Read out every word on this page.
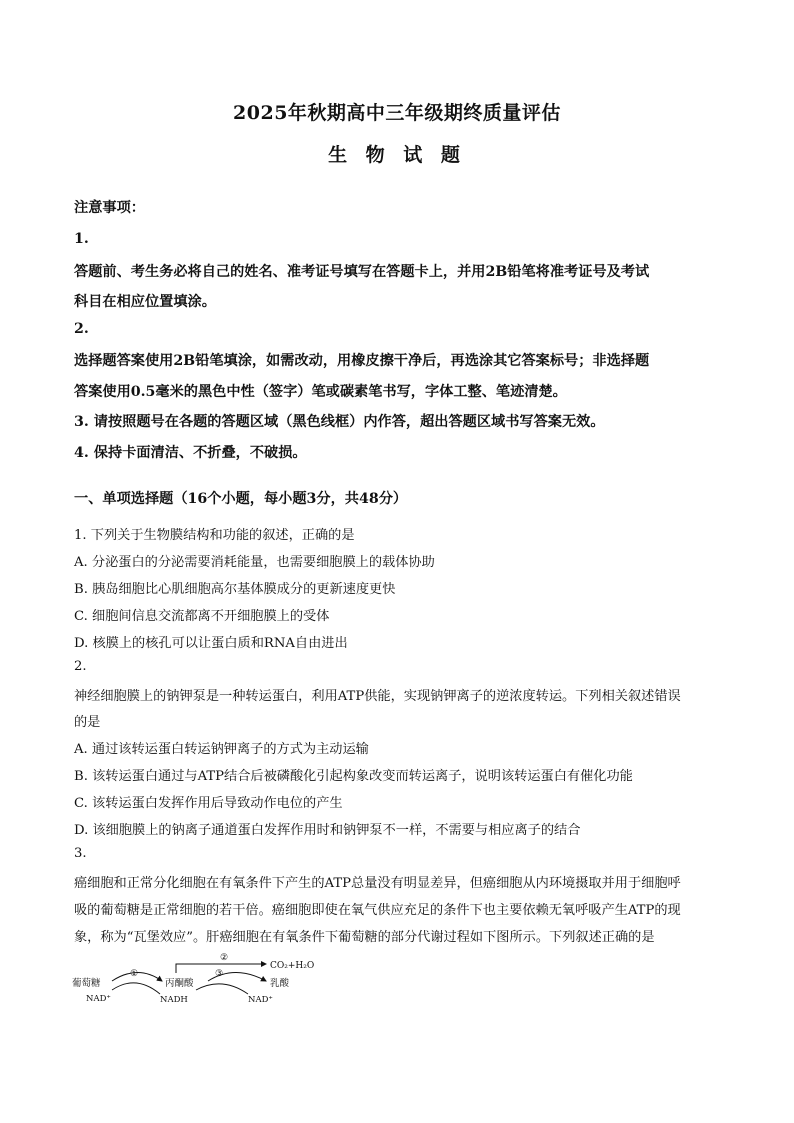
2025年秋期高中三年级期终质量评估
生 物 试 题
注意事项：
1.
答题前、考生务必将自己的姓名、准考证号填写在答题卡上，并用2B铅笔将准考证号及考试
科目在相应位置填涂。
2.
选择题答案使用2B铅笔填涂，如需改动，用橡皮擦干净后，再选涂其它答案标号；非选择题
答案使用0.5毫米的黑色中性（签字）笔或碳素笔书写，字体工整、笔迹清楚。
3. 请按照题号在各题的答题区域（黑色线框）内作答，超出答题区域书写答案无效。
4. 保持卡面清洁、不折叠，不破损。
一、单项选择题（16个小题，每小题3分，共48分）
1. 下列关于生物膜结构和功能的叙述，正确的是
A. 分泌蛋白的分泌需要消耗能量，也需要细胞膜上的载体协助
B. 胰岛细胞比心肌细胞高尔基体膜成分的更新速度更快
C. 细胞间信息交流都离不开细胞膜上的受体
D. 核膜上的核孔可以让蛋白质和RNA自由进出
2.
神经细胞膜上的钠钾泵是一种转运蛋白，利用ATP供能，实现钠钾离子的逆浓度转运。下列相关叙述错误
的是
A. 通过该转运蛋白转运钠钾离子的方式为主动运输
B. 该转运蛋白通过与ATP结合后被磷酸化引起构象改变而转运离子，说明该转运蛋白有催化功能
C. 该转运蛋白发挥作用后导致动作电位的产生
D. 该细胞膜上的钠离子通道蛋白发挥作用时和钠钾泵不一样，不需要与相应离子的结合
3.
癌细胞和正常分化细胞在有氧条件下产生的ATP总量没有明显差异，但癌细胞从内环境摄取并用于细胞呼
吸的葡萄糖是正常细胞的若干倍。癌细胞即使在氧气供应充足的条件下也主要依赖无氧呼吸产生ATP的现
象，称为“瓦堡效应”。肝癌细胞在有氧条件下葡萄糖的部分代谢过程如下图所示。下列叙述正确的是
葡萄糖
NAD⁺
①
丙酮酸
NADH
②
CO₂+H₂O
③
乳酸
NAD⁺
